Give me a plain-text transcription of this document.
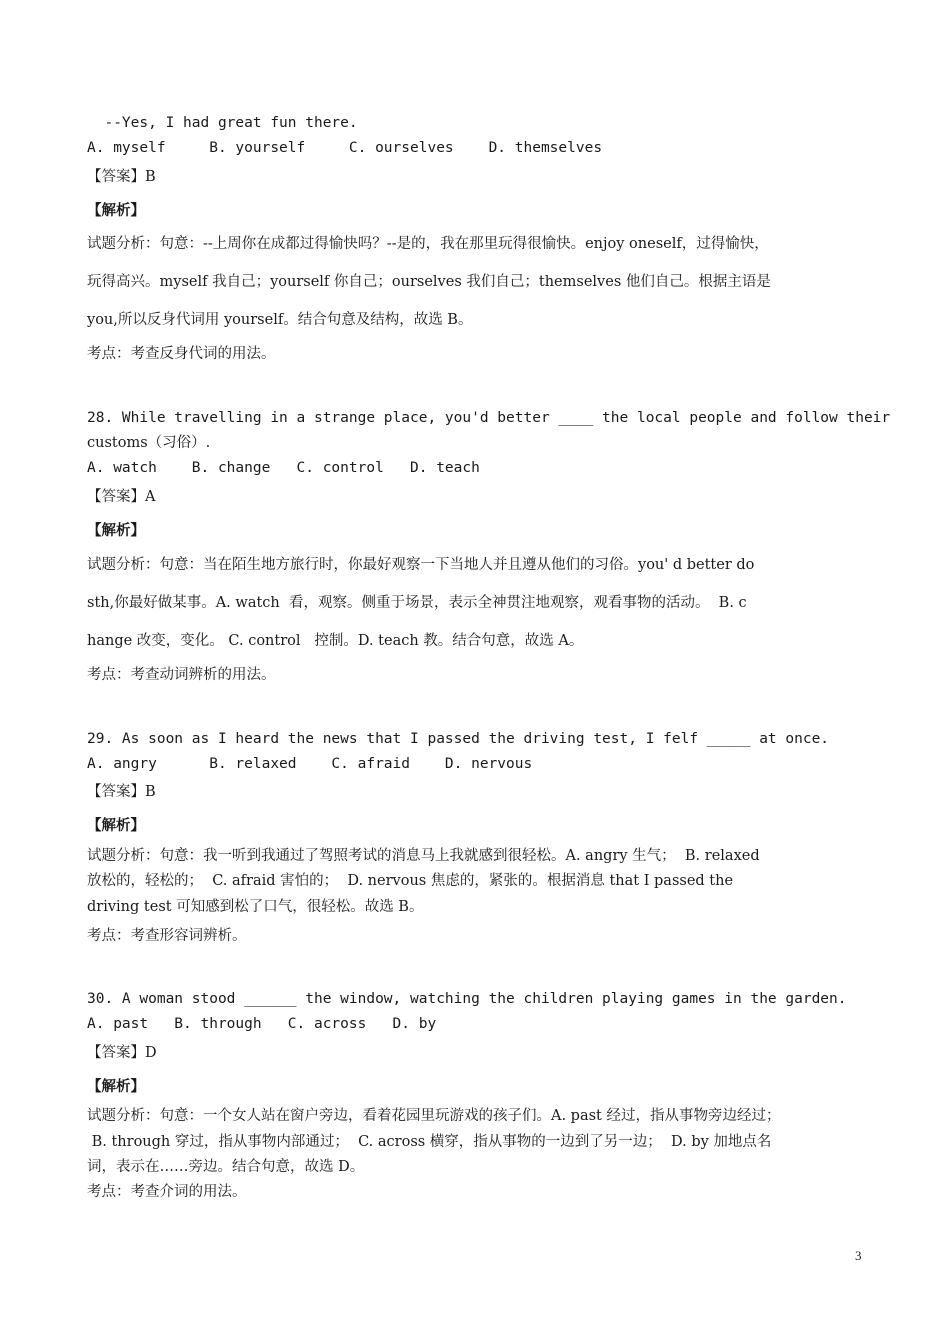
--Yes, I had great fun there.
A. myself     B. yourself     C. ourselves    D. themselves
【答案】B
【解析】
试题分析：句意：--上周你在成都过得愉快吗？--是的，我在那里玩得很愉快。enjoy oneself，过得愉快，
玩得高兴。myself 我自己；yourself 你自己；ourselves 我们自己；themselves 他们自己。根据主语是
you,所以反身代词用 yourself。结合句意及结构，故选 B。
考点：考查反身代词的用法。
28. While travelling in a strange place, you'd better ____ the local people and follow their
customs（习俗）.
A. watch    B. change   C. control   D. teach
【答案】A
【解析】
试题分析：句意：当在陌生地方旅行时，你最好观察一下当地人并且遵从他们的习俗。you' d better do
sth,你最好做某事。A. watch  看，观察。侧重于场景，表示全神贯注地观察，观看事物的活动。  B. c
hange 改变，变化。 C. control   控制。D. teach 教。结合句意，故选 A。
考点：考查动词辨析的用法。
29. As soon as I heard the news that I passed the driving test, I felf _____ at once.
A. angry      B. relaxed    C. afraid    D. nervous
【答案】B
【解析】
试题分析：句意：我一听到我通过了驾照考试的消息马上我就感到很轻松。A. angry 生气；  B. relaxed
放松的，轻松的；  C. afraid 害怕的；  D. nervous 焦虑的，紧张的。根据消息 that I passed the
driving test 可知感到松了口气，很轻松。故选 B。
考点：考查形容词辨析。
30. A woman stood ______ the window, watching the children playing games in the garden.
A. past   B. through   C. across   D. by
【答案】D
【解析】
试题分析：句意：一个女人站在窗户旁边，看着花园里玩游戏的孩子们。A. past 经过，指从事物旁边经过；
B. through 穿过，指从事物内部通过；  C. across 横穿，指从事物的一边到了另一边；  D. by 加地点名
词，表示在……旁边。结合句意，故选 D。
考点：考查介词的用法。
3
